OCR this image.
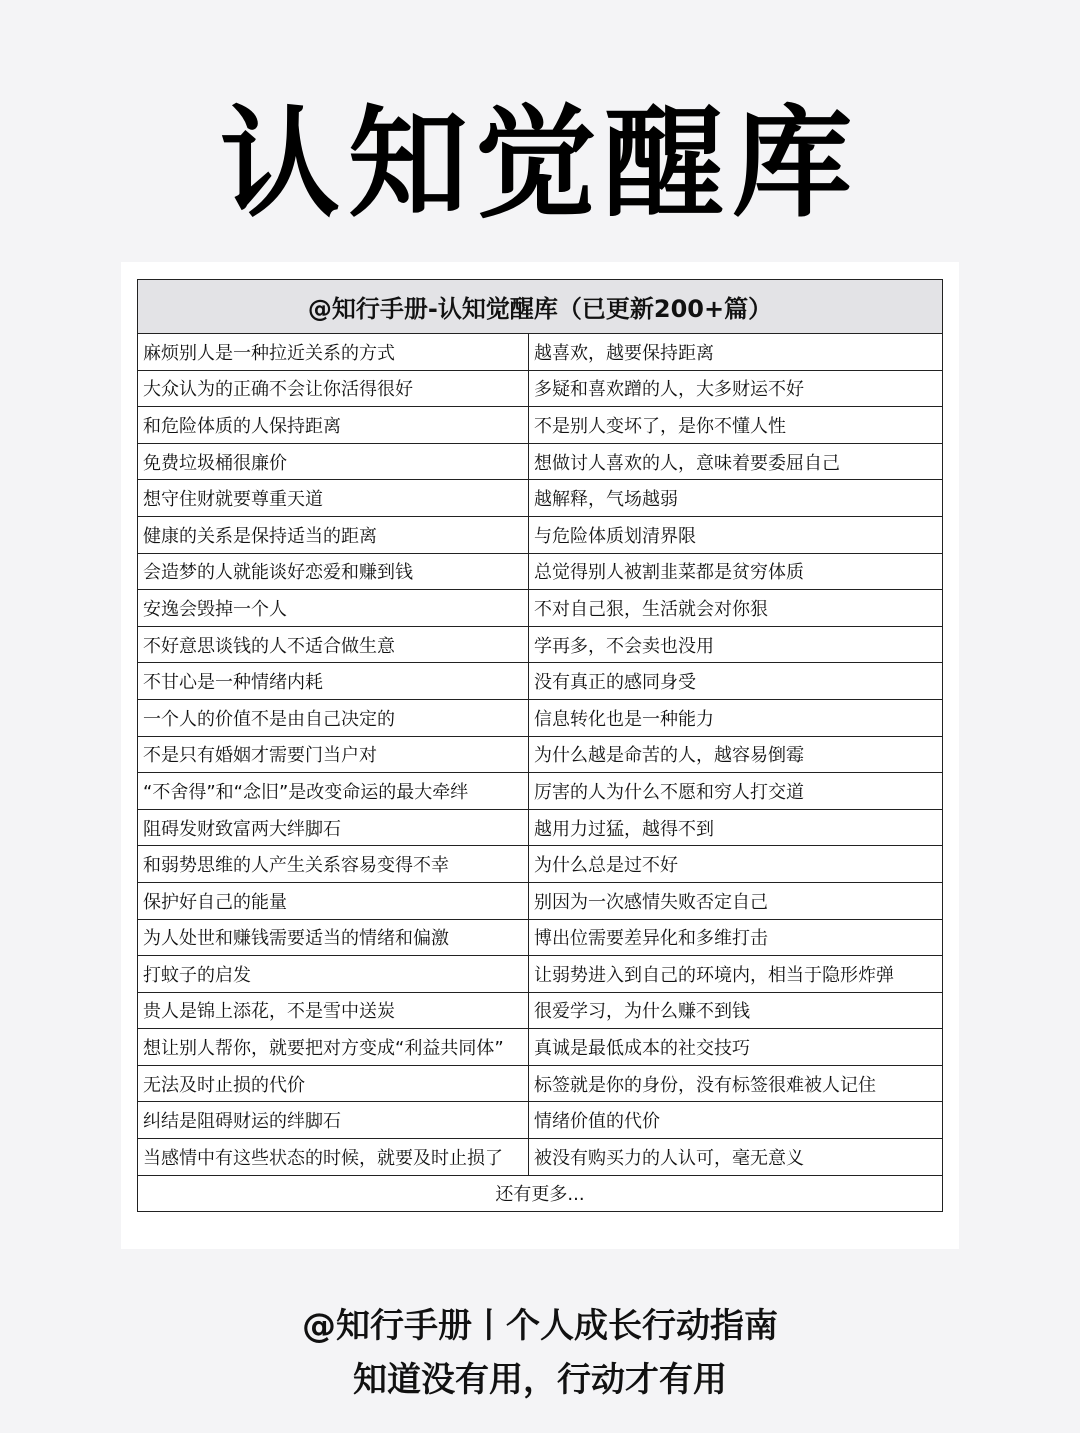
认知觉醒库
@知行手册-认知觉醒库（已更新200+篇）	
麻烦别人是一种拉近关系的方式	越喜欢，越要保持距离
大众认为的正确不会让你活得很好	多疑和喜欢蹭的人，大多财运不好
和危险体质的人保持距离	不是别人变坏了，是你不懂人性
免费垃圾桶很廉价	想做讨人喜欢的人，意味着要委屈自己
想守住财就要尊重天道	越解释，气场越弱
健康的关系是保持适当的距离	与危险体质划清界限
会造梦的人就能谈好恋爱和赚到钱	总觉得别人被割韭菜都是贫穷体质
安逸会毁掉一个人	不对自己狠，生活就会对你狠
不好意思谈钱的人不适合做生意	学再多，不会卖也没用
不甘心是一种情绪内耗	没有真正的感同身受
一个人的价值不是由自己决定的	信息转化也是一种能力
不是只有婚姻才需要门当户对	为什么越是命苦的人，越容易倒霉
“不舍得”和“念旧”是改变命运的最大牵绊	厉害的人为什么不愿和穷人打交道
阻碍发财致富两大绊脚石	越用力过猛，越得不到
和弱势思维的人产生关系容易变得不幸	为什么总是过不好
保护好自己的能量	别因为一次感情失败否定自己
为人处世和赚钱需要适当的情绪和偏激	博出位需要差异化和多维打击
打蚊子的启发	让弱势进入到自己的环境内，相当于隐形炸弹
贵人是锦上添花，不是雪中送炭	很爱学习，为什么赚不到钱
想让别人帮你，就要把对方变成“利益共同体”	真诚是最低成本的社交技巧
无法及时止损的代价	标签就是你的身份，没有标签很难被人记住
纠结是阻碍财运的绊脚石	情绪价值的代价
当感情中有这些状态的时候，就要及时止损了	被没有购买力的人认可，毫无意义
还有更多...	
@知行手册丨个人成长行动指南
知道没有用，行动才有用
